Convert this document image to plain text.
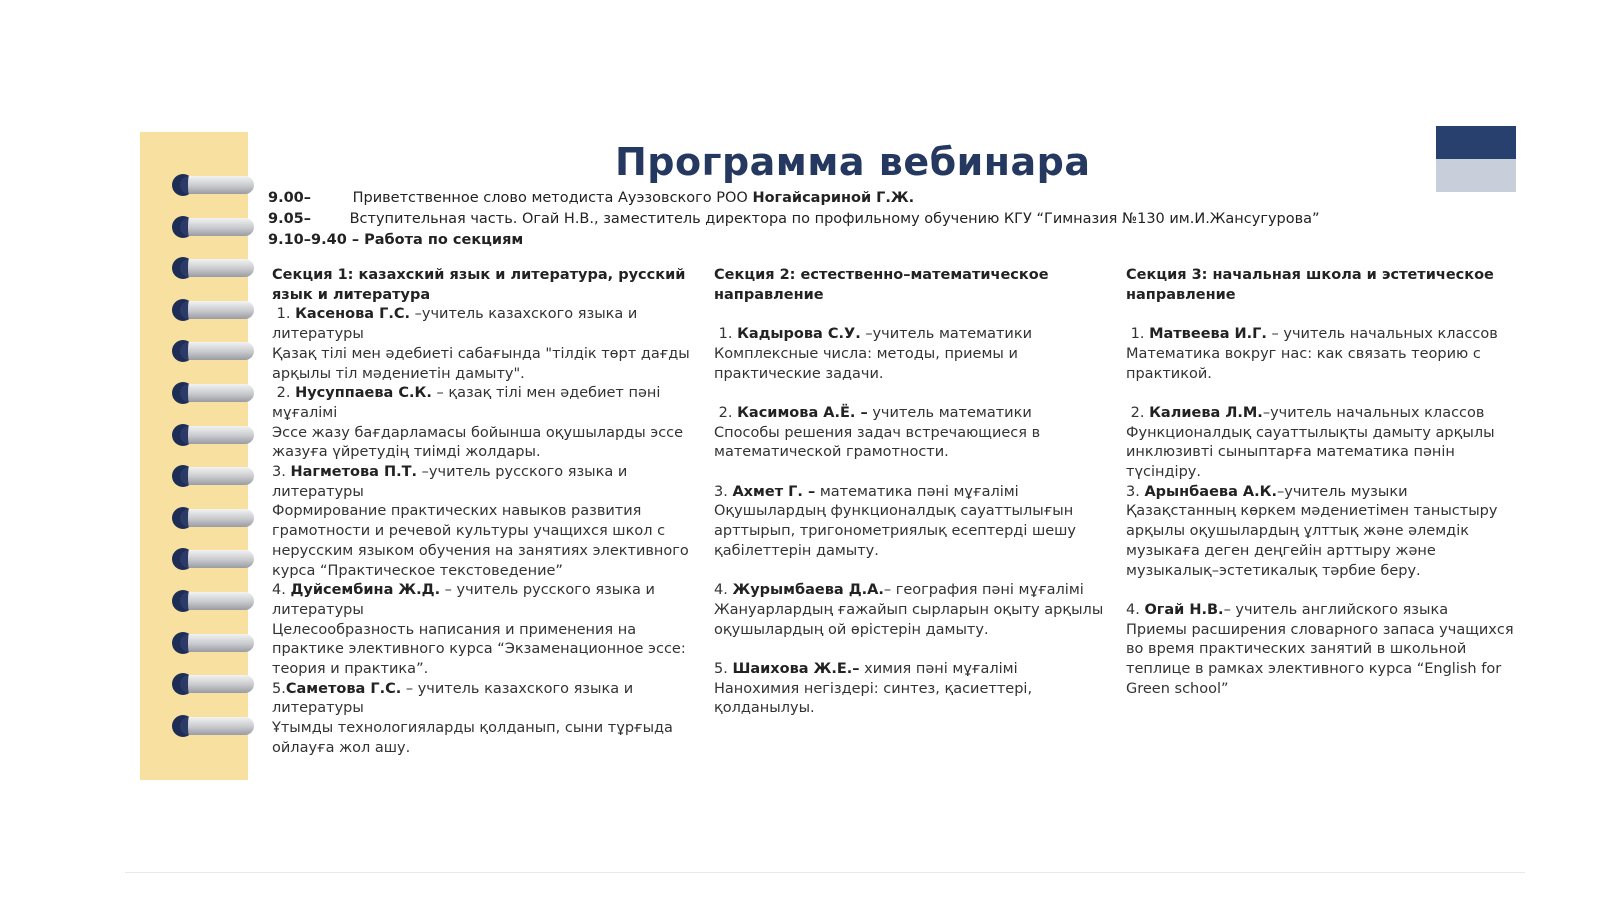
Программа вебинара
9.00–	Приветственное слово методиста Ауэзовского РОО Ногайсариной Г.Ж.
9.05–	Вступительная часть. Огай Н.В., заместитель директора по профильному обучению КГУ “Гимназия №130 им.И.Жансугурова”
9.10–9.40 – Работа по секциям
Секция 1: казахский язык и литература, русский язык и литература
1. Касенова Г.С. –учитель казахского языка и литературы
Қазақ тілі мен әдебиеті сабағында "тілдік төрт дағды арқылы тіл мәдениетін дамыту".
2. Нусуппаева С.К. – қазақ тілі мен әдебиет пәні мұғалімі
Эссе жазу бағдарламасы бойынша оқушыларды эссе жазуға үйретудің тиімді жолдары.
3. Нагметова П.Т. –учитель русского языка и литературы
Формирование практических навыков развития грамотности и речевой культуры учащихся школ с нерусским языком обучения на занятиях элективного курса “Практическое текстоведение”
4. Дуйсембина Ж.Д. – учитель русского языка и литературы
Целесообразность написания и применения на практике элективного курса “Экзаменационное эссе: теория и практика”.
5.Саметова Г.С. – учитель казахского языка и литературы
Ұтымды технологияларды қолданып, сыни тұрғыда ойлауға жол ашу.
Секция 2: естественно–математическое направление
1. Кадырова С.У. –учитель математики
Комплексные числа: методы, приемы и практические задачи.
2. Касимова А.Ё. – учитель математики
Способы решения задач встречающиеся в математической грамотности.
3. Ахмет Г. – математика пәні мұғалімі
Оқушылардың функционалдық сауаттылығын арттырып, тригонометриялық есептерді шешу қабілеттерін дамыту.
4. Журымбаева Д.А.– география пәні мұғалімі
Жануарлардың ғажайып сырларын оқыту арқылы оқушылардың ой өрістерін дамыту.
5. Шаихова Ж.Е.– химия пәні мұғалімі
Нанохимия негіздері: синтез, қасиеттері, қолданылуы.
Секция 3: начальная школа и эстетическое направление
1. Матвеева И.Г. – учитель начальных классов
Математика вокруг нас: как связать теорию с практикой.
2. Калиева Л.М.–учитель начальных классов
Функционалдық сауаттылықты дамыту арқылы инклюзивті сыныптарға математика пәнін түсіндіру.
3. Арынбаева А.К.–учитель музыки
Қазақстанның көркем мәдениетімен таныстыру арқылы оқушылардың ұлттық және әлемдік музыкаға деген деңгейін арттыру және музыкалық–эстетикалық тәрбие беру.
4. Огай Н.В.– учитель английского языка
Приемы расширения словарного запаса учащихся во время практических занятий в школьной теплице в рамках элективного курса “English for Green school”
